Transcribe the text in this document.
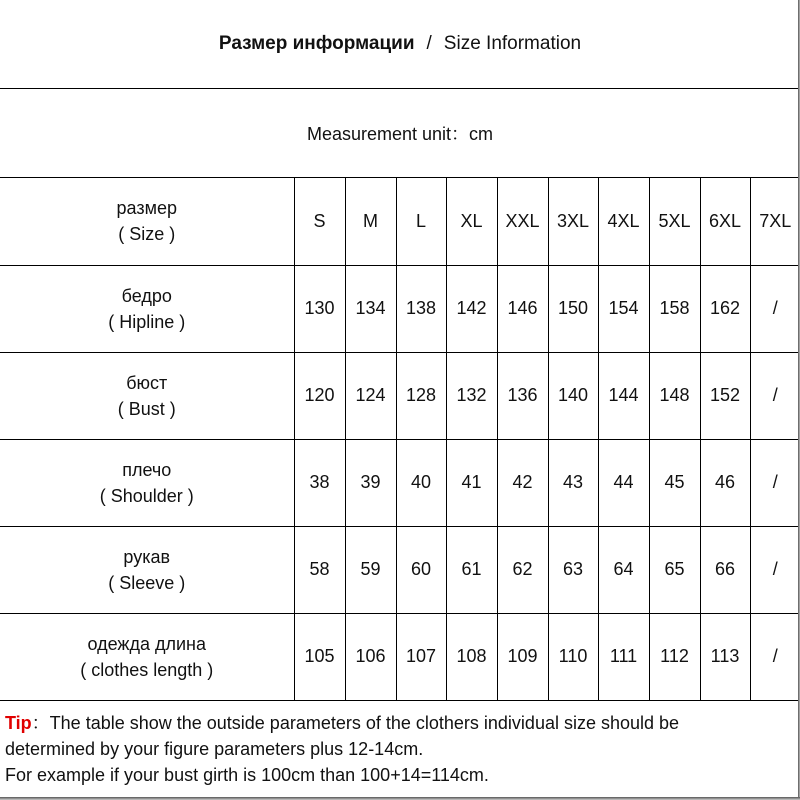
Размер информации / Size Information
Measurement unit：cm
размер
( Size )	S	M	L	XL	XXL	3XL	4XL	5XL	6XL	7XL

бедро
( Hipline )	130	134	138	142	146	150	154	158	162	/

бюст
( Bust )	120	124	128	132	136	140	144	148	152	/

плечо
( Shoulder )	38	39	40	41	42	43	44	45	46	/

рукав
( Sleeve )	58	59	60	61	62	63	64	65	66	/

одежда длина
( clothes length )	105	106	107	108	109	110	111	112	113	/
Tip：The table show the outside parameters of the clothers individual size should be
determined by your figure parameters plus 12-14cm.
For example if your bust girth is 100cm than 100+14=114cm.
